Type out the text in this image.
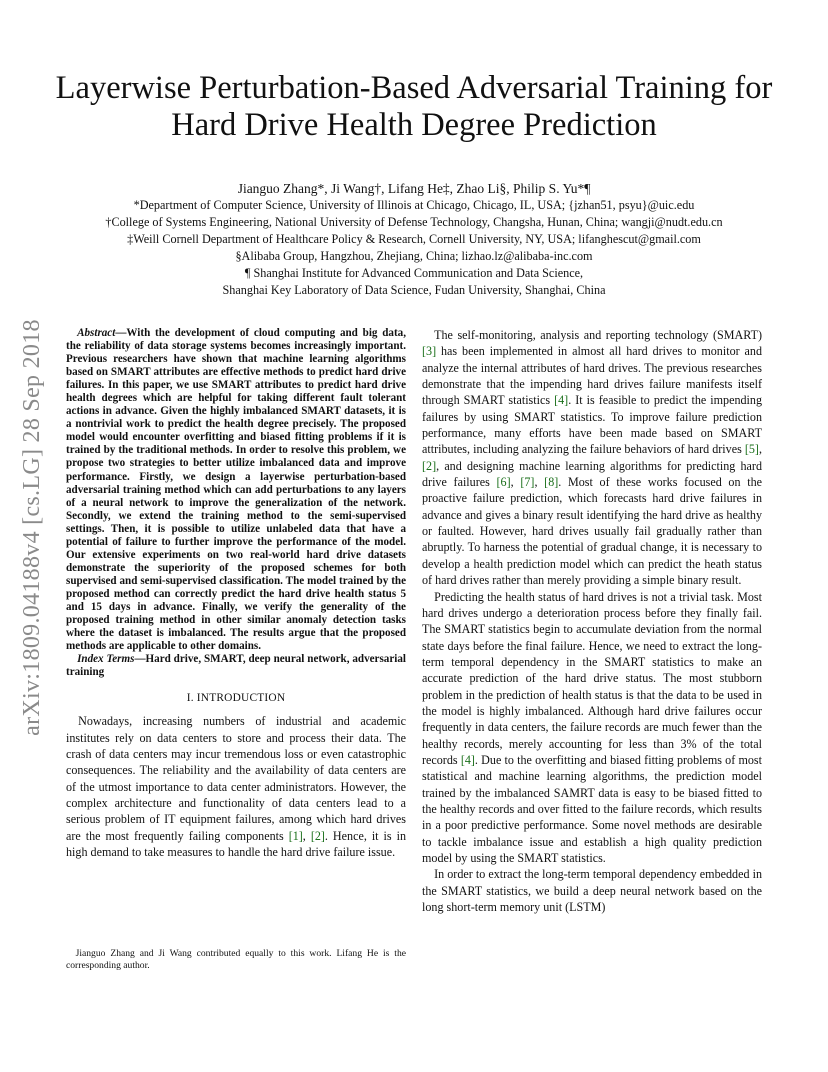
arXiv:1809.04188v4 [cs.LG] 28 Sep 2018
Layerwise Perturbation-Based Adversarial Training for Hard Drive Health Degree Prediction
Jianguo Zhang*, Ji Wang†, Lifang He‡, Zhao Li§, Philip S. Yu*¶
*Department of Computer Science, University of Illinois at Chicago, Chicago, IL, USA; {jzhan51, psyu}@uic.edu
†College of Systems Engineering, National University of Defense Technology, Changsha, Hunan, China; wangji@nudt.edu.cn
‡Weill Cornell Department of Healthcare Policy & Research, Cornell University, NY, USA; lifanghescut@gmail.com
§Alibaba Group, Hangzhou, Zhejiang, China; lizhao.lz@alibaba-inc.com
¶ Shanghai Institute for Advanced Communication and Data Science,
Shanghai Key Laboratory of Data Science, Fudan University, Shanghai, China

Abstract—With the development of cloud computing and big data, the reliability of data storage systems becomes increasingly important. Previous researchers have shown that machine learning algorithms based on SMART attributes are effective methods to predict hard drive failures. In this paper, we use SMART attributes to predict hard drive health degrees which are helpful for taking different fault tolerant actions in advance. Given the highly imbalanced SMART datasets, it is a nontrivial work to predict the health degree precisely. The proposed model would encounter overfitting and biased fitting problems if it is trained by the traditional methods. In order to resolve this problem, we propose two strategies to better utilize imbalanced data and improve performance. Firstly, we design a layerwise perturbation-based adversarial training method which can add perturbations to any layers of a neural network to improve the generalization of the network. Secondly, we extend the training method to the semi-supervised settings. Then, it is possible to utilize unlabeled data that have a potential of failure to further improve the performance of the model. Our extensive experiments on two real-world hard drive datasets demonstrate the superiority of the proposed schemes for both supervised and semi-supervised classification. The model trained by the proposed method can correctly predict the hard drive health status 5 and 15 days in advance. Finally, we verify the generality of the proposed training method in other similar anomaly detection tasks where the dataset is imbalanced. The results argue that the proposed methods are applicable to other domains.

Index Terms—Hard drive, SMART, deep neural network, adversarial training

I. INTRODUCTION

Nowadays, increasing numbers of industrial and academic institutes rely on data centers to store and process their data. The crash of data centers may incur tremendous loss or even catastrophic consequences. The reliability and the availability of data centers are of the utmost importance to data center administrators. However, the complex architecture and functionality of data centers lead to a serious problem of IT equipment failures, among which hard drives are the most frequently failing components [1], [2]. Hence, it is in high demand to take measures to handle the hard drive failure issue.

Jianguo Zhang and Ji Wang contributed equally to this work. Lifang He is the corresponding author.

The self-monitoring, analysis and reporting technology (SMART) [3] has been implemented in almost all hard drives to monitor and analyze the internal attributes of hard drives. The previous researches demonstrate that the impending hard drives failure manifests itself through SMART statistics [4]. It is feasible to predict the impending failures by using SMART statistics. To improve failure prediction performance, many efforts have been made based on SMART attributes, including analyzing the failure behaviors of hard drives [5], [2], and designing machine learning algorithms for predicting hard drive failures [6], [7], [8]. Most of these works focused on the proactive failure prediction, which forecasts hard drive failures in advance and gives a binary result identifying the hard drive as healthy or faulted. However, hard drives usually fail gradually rather than abruptly. To harness the potential of gradual change, it is necessary to develop a health prediction model which can predict the heath status of hard drives rather than merely providing a simple binary result.

Predicting the health status of hard drives is not a trivial task. Most hard drives undergo a deterioration process before they finally fail. The SMART statistics begin to accumulate deviation from the normal state days before the final failure. Hence, we need to extract the long-term temporal dependency in the SMART statistics to make an accurate prediction of the hard drive status. The most stubborn problem in the prediction of health status is that the data to be used in the model is highly imbalanced. Although hard drive failures occur frequently in data centers, the failure records are much fewer than the healthy records, merely accounting for less than 3% of the total records [4]. Due to the overfitting and biased fitting problems of most statistical and machine learning algorithms, the prediction model trained by the imbalanced SAMRT data is easy to be biased fitted to the healthy records and over fitted to the failure records, which results in a poor predictive performance. Some novel methods are desirable to tackle imbalance issue and establish a high quality prediction model by using the SMART statistics.

In order to extract the long-term temporal dependency embedded in the SMART statistics, we build a deep neural network based on the long short-term memory unit (LSTM)
